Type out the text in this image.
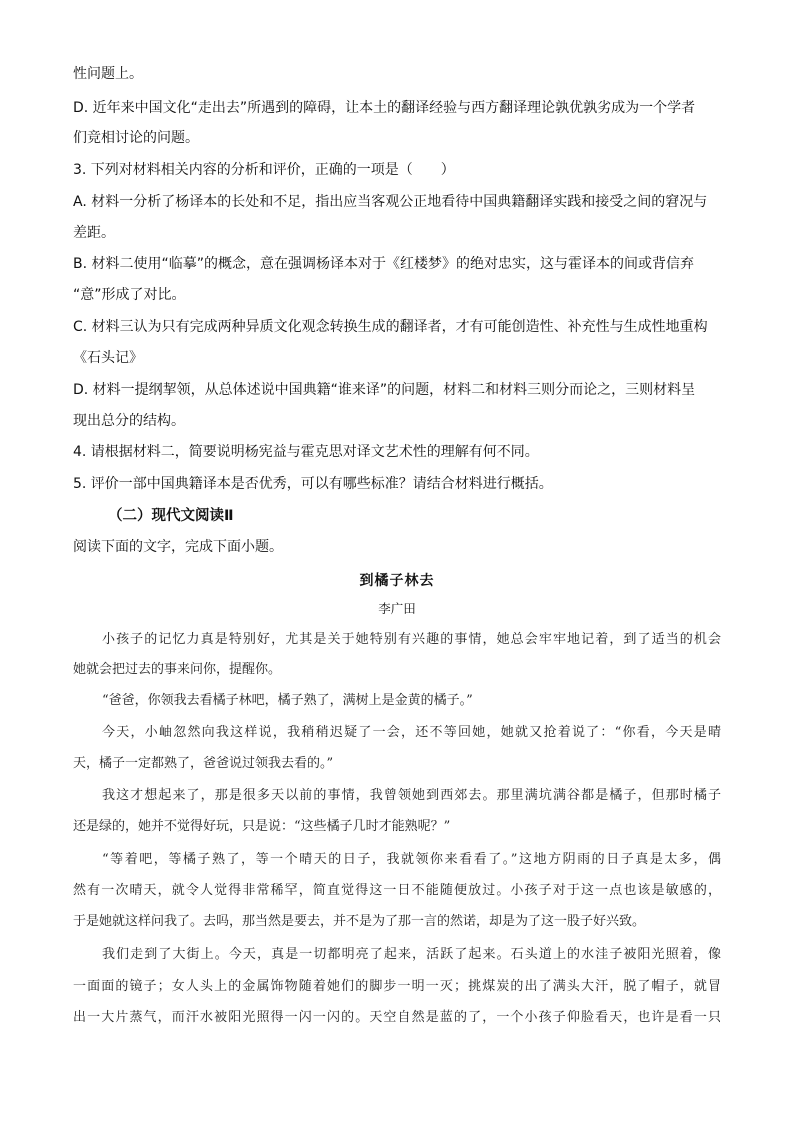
性问题上。
D. 近年来中国文化“走出去”所遇到的障碍，让本土的翻译经验与西方翻译理论孰优孰劣成为一个学者
们竞相讨论的问题。
3. 下列对材料相关内容的分析和评价，正确的一项是（　　）
A. 材料一分析了杨译本的长处和不足，指出应当客观公正地看待中国典籍翻译实践和接受之间的窘况与
差距。
B. 材料二使用“临摹”的概念，意在强调杨译本对于《红楼梦》的绝对忠实，这与霍译本的间或背信弃
“意”形成了对比。
C. 材料三认为只有完成两种异质文化观念转换生成的翻译者，才有可能创造性、补充性与生成性地重构
《石头记》
D. 材料一提纲挈领，从总体述说中国典籍“谁来译”的问题，材料二和材料三则分而论之，三则材料呈
现出总分的结构。
4. 请根据材料二，简要说明杨宪益与霍克思对译文艺术性的理解有何不同。
5. 评价一部中国典籍译本是否优秀，可以有哪些标准？请结合材料进行概括。
（二）现代文阅读Ⅱ
阅读下面的文字，完成下面小题。
到橘子林去
李广田
小孩子的记忆力真是特别好，尤其是关于她特别有兴趣的事情，她总会牢牢地记着，到了适当的机会
她就会把过去的事来问你，提醒你。
“爸爸，你领我去看橘子林吧，橘子熟了，满树上是金黄的橘子。”
今天，小岫忽然向我这样说，我稍稍迟疑了一会，还不等回她，她就又抢着说了：“你看，今天是晴
天，橘子一定都熟了，爸爸说过领我去看的。”
我这才想起来了，那是很多天以前的事情，我曾领她到西郊去。那里满坑满谷都是橘子，但那时橘子
还是绿的，她并不觉得好玩，只是说：“这些橘子几时才能熟呢？”
“等着吧，等橘子熟了，等一个晴天的日子，我就领你来看看了。”这地方阴雨的日子真是太多，偶
然有一次晴天，就令人觉得非常稀罕，简直觉得这一日不能随便放过。小孩子对于这一点也该是敏感的，
于是她就这样问我了。去吗，那当然是要去，并不是为了那一言的然诺，却是为了这一股子好兴致。
我们走到了大街上。今天，真是一切都明亮了起来，活跃了起来。石头道上的水洼子被阳光照着，像
一面面的镜子；女人头上的金属饰物随着她们的脚步一明一灭；挑煤炭的出了满头大汗，脱了帽子，就冒
出一大片蒸气，而汗水被阳光照得一闪一闪的。天空自然是蓝的了，一个小孩子仰脸看天，也许是看一只
